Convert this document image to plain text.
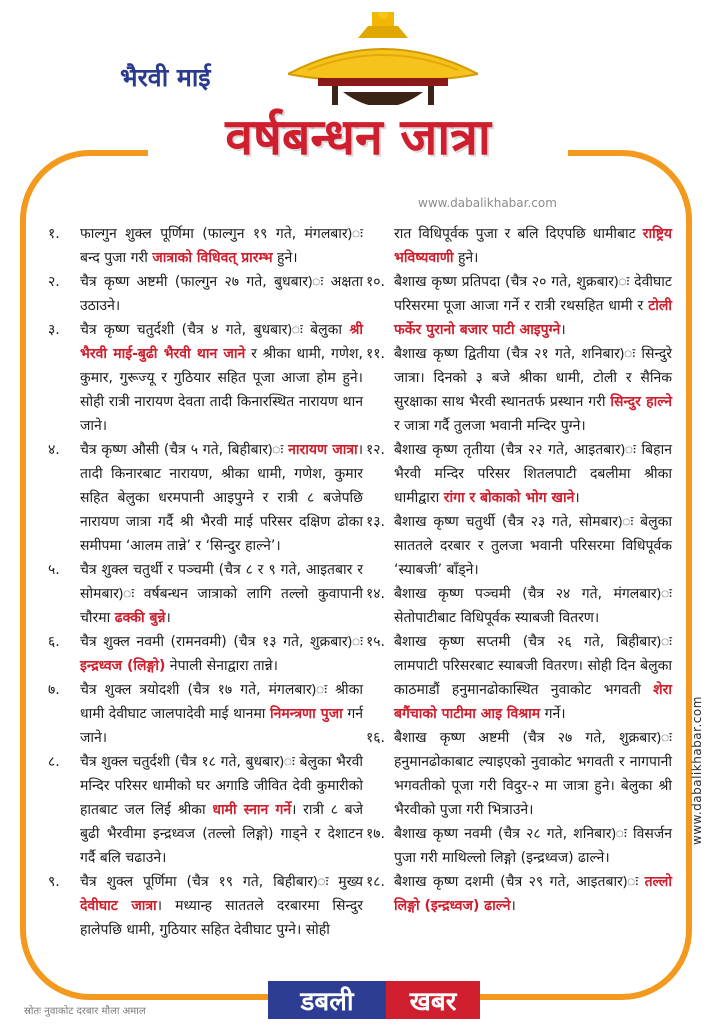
भैरवी माई
वर्षबन्धन जात्रा
www.dabalikhabar.com
www.dabalikhabar.com
१.	फाल्गुन शुक्ल पूर्णिमा (फाल्गुन १९ गते, मंगलबार)ः बन्द पुजा गरी जात्राको विधिवत् प्रारम्भ हुने।
२.	चैत्र कृष्ण अष्टमी (फाल्गुन २७ गते, बुधबार)ः अक्षता उठाउने।
३.	चैत्र कृष्ण चतुर्दशी (चैत्र ४ गते, बुधबार)ः बेलुका श्री भैरवी माई-बुढी भैरवी थान जाने र श्रीका धामी, गणेश, कुमार, गुरूज्यू र गुठियार सहित पूजा आजा होम हुने। सोही रात्री नारायण देवता तादी किनारस्थित नारायण थान जाने।
४.	चैत्र कृष्ण औसी (चैत्र ५ गते, बिहीबार)ः नारायण जात्रा। तादी किनारबाट नारायण, श्रीका धामी, गणेश, कुमार सहित बेलुका धरमपानी आइपुग्ने र रात्री ८ बजेपछि नारायण जात्रा गर्दै श्री भैरवी माई परिसर दक्षिण ढोका समीपमा ‘आलम तान्ने’ र ‘सिन्दुर हाल्ने’।
५.	चैत्र शुक्ल चतुर्थी र पञ्चमी (चैत्र ८ र ९ गते, आइतबार र सोमबार)ः वर्षबन्धन जात्राको लागि तल्लो कुवापानी चौरमा ढक्की बुन्ने।
६.	चैत्र शुक्ल नवमी (रामनवमी) (चैत्र १३ गते, शुक्रबार)ः इन्द्रध्वज (लिङ्गो) नेपाली सेनाद्वारा तान्ने।
७.	चैत्र शुक्ल त्रयोदशी (चैत्र १७ गते, मंगलबार)ः श्रीका धामी देवीघाट जालपादेवी माई थानमा निमन्त्रणा पुजा गर्न जाने।
८.	चैत्र शुक्ल चतुर्दशी (चैत्र १८ गते, बुधबार)ः बेलुका भैरवी मन्दिर परिसर धामीको घर अगाडि जीवित देवी कुमारीको हातबाट जल लिई श्रीका धामी स्नान गर्ने। रात्री ८ बजे बुढी भैरवीमा इन्द्रध्वज (तल्लो लिङ्गो) गाड्ने र देशाटन गर्दै बलि चढाउने।
९.	चैत्र शुक्ल पूर्णिमा (चैत्र १९ गते, बिहीबार)ः मुख्य देवीघाट जात्रा। मध्यान्ह साततले दरबारमा सिन्दुर हालेपछि धामी, गुठियार सहित देवीघाट पुग्ने। सोही
रात विधिपूर्वक पुजा र बलि दिएपछि धामीबाट राष्ट्रिय भविष्यवाणी हुने।
१०. बैशाख कृष्ण प्रतिपदा (चैत्र २० गते, शुक्रबार)ः देवीघाट परिसरमा पूजा आजा गर्ने र रात्री रथसहित धामी र टोली फर्केर पुरानो बजार पाटी आइपुग्ने।
११. बैशाख कृष्ण द्वितीया (चैत्र २१ गते, शनिबार)ः सिन्दुरे जात्रा। दिनको ३ बजे श्रीका धामी, टोली र सैनिक सुरक्षाका साथ भैरवी स्थानतर्फ प्रस्थान गरी सिन्दुर हाल्ने र जात्रा गर्दै तुलजा भवानी मन्दिर पुग्ने।
१२. बैशाख कृष्ण तृतीया (चैत्र २२ गते, आइतबार)ः बिहान भैरवी मन्दिर परिसर शितलपाटी दबलीमा श्रीका धामीद्वारा रांगा र बोकाको भोग खाने।
१३. बैशाख कृष्ण चतुर्थी (चैत्र २३ गते, सोमबार)ः बेलुका साततले दरबार र तुलजा भवानी परिसरमा विधिपूर्वक ‘स्याबजी’ बाँड्ने।
१४. बैशाख कृष्ण पञ्चमी (चैत्र २४ गते, मंगलबार)ः सेतोपाटीबाट विधिपूर्वक स्याबजी वितरण।
१५. बैशाख कृष्ण सप्तमी (चैत्र २६ गते, बिहीबार)ः लामपाटी परिसरबाट स्याबजी वितरण। सोही दिन बेलुका काठमाडौं हनुमानढोकास्थित नुवाकोट भगवती शेरा बगैंचाको पाटीमा आइ विश्राम गर्ने।
१६. बैशाख कृष्ण अष्टमी (चैत्र २७ गते, शुक्रबार)ः हनुमानढोकाबाट ल्याइएको नुवाकोट भगवती र नागपानी भगवतीको पूजा गरी विदुर-२ मा जात्रा हुने। बेलुका श्री भैरवीको पुजा गरी भित्राउने।
१७. बैशाख कृष्ण नवमी (चैत्र २८ गते, शनिबार)ः विसर्जन पुजा गरी माथिल्लो लिङ्गो (इन्द्रध्वज) ढाल्ने।
१८. बैशाख कृष्ण दशमी (चैत्र २९ गते, आइतबार)ः तल्लो लिङ्गो (इन्द्रध्वज) ढाल्ने।
डबली	खबर
स्रोतः नुवाकोट दरबार मौला अमाल
